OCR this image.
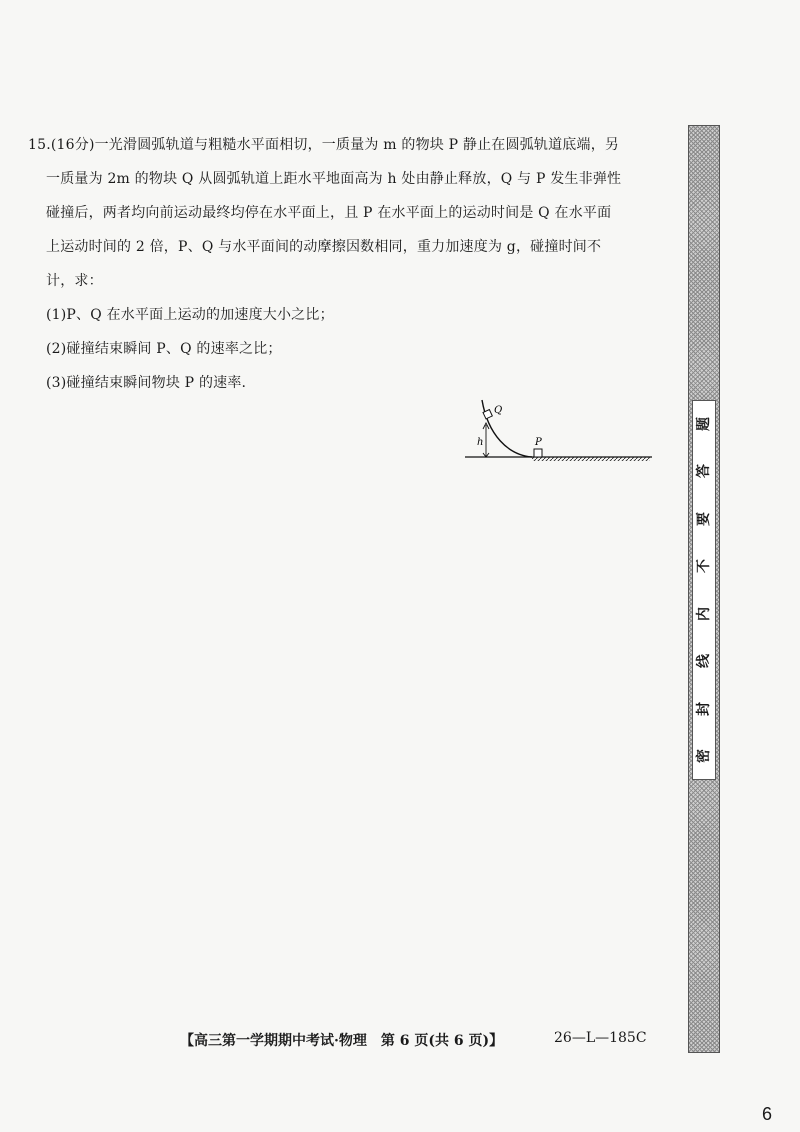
15.(16分)一光滑圆弧轨道与粗糙水平面相切，一质量为 m 的物块 P 静止在圆弧轨道底端，另

一质量为 2m 的物块 Q 从圆弧轨道上距水平地面高为 h 处由静止释放，Q 与 P 发生非弹性

碰撞后，两者均向前运动最终均停在水平面上，且 P 在水平面上的运动时间是 Q 在水平面

上运动时间的 2 倍，P、Q 与水平面间的动摩擦因数相同，重力加速度为 g，碰撞时间不

计，求：

(1)P、Q 在水平面上运动的加速度大小之比；

(2)碰撞结束瞬间 P、Q 的速率之比；

(3)碰撞结束瞬间物块 P 的速率.

Q
h	P
题
答
要
不
内
线
封
密
【高三第一学期期中考试·物理　第 6 页(共 6 页)】	26—L—185C
6
